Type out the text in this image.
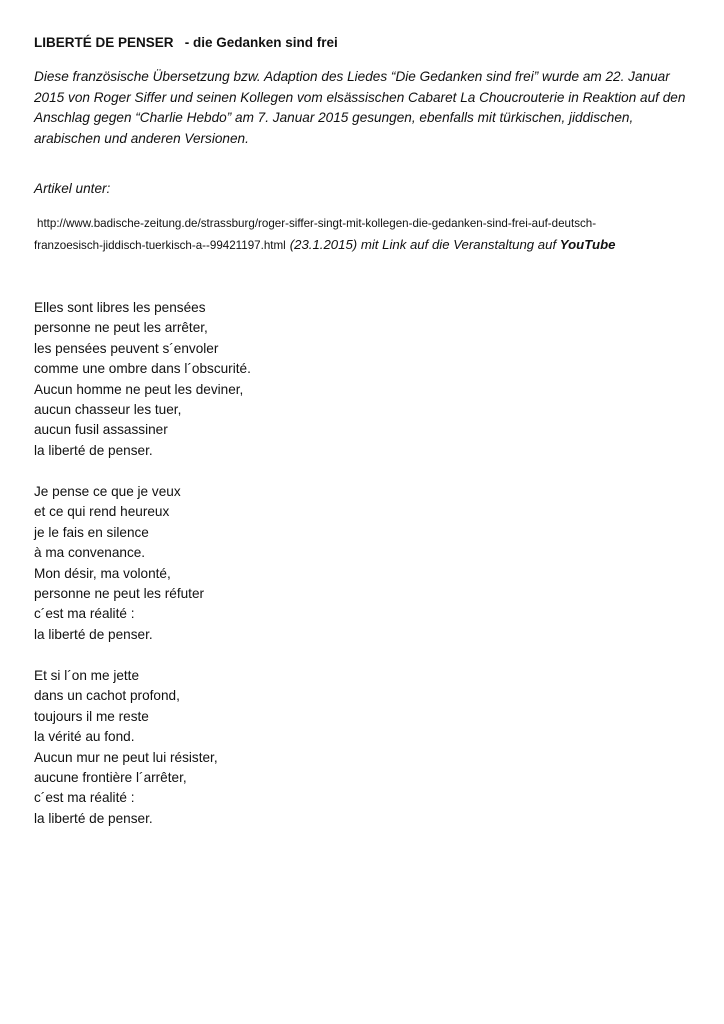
LIBERTÉ DE PENSER   - die Gedanken sind frei

Diese französische Übersetzung bzw. Adaption des Liedes “Die Gedanken sind frei” wurde am 22. Januar 2015 von Roger Siffer und seinen Kollegen vom elsässischen Cabaret La Choucrouterie in Reaktion auf den Anschlag gegen “Charlie Hebdo” am 7. Januar 2015 gesungen, ebenfalls mit türkischen, jiddischen, arabischen und anderen Versionen.

Artikel unter:

http://www.badische-zeitung.de/strassburg/roger-siffer-singt-mit-kollegen-die-gedanken-sind-frei-auf-deutsch-
franzoesisch-jiddisch-tuerkisch-a--99421197.html (23.1.2015) mit Link auf die Veranstaltung auf YouTube

Elles sont libres les pensées
personne ne peut les arrêter,
les pensées peuvent s´envoler
comme une ombre dans l´obscurité.
Aucun homme ne peut les deviner,
aucun chasseur les tuer,
aucun fusil assassiner
la liberté de penser.

Je pense ce que je veux
et ce qui rend heureux
je le fais en silence
à ma convenance.
Mon désir, ma volonté,
personne ne peut les réfuter
c´est ma réalité :
la liberté de penser.

Et si l´on me jette
dans un cachot profond,
toujours il me reste
la vérité au fond.
Aucun mur ne peut lui résister,
aucune frontière l´arrêter,
c´est ma réalité :
la liberté de penser.
